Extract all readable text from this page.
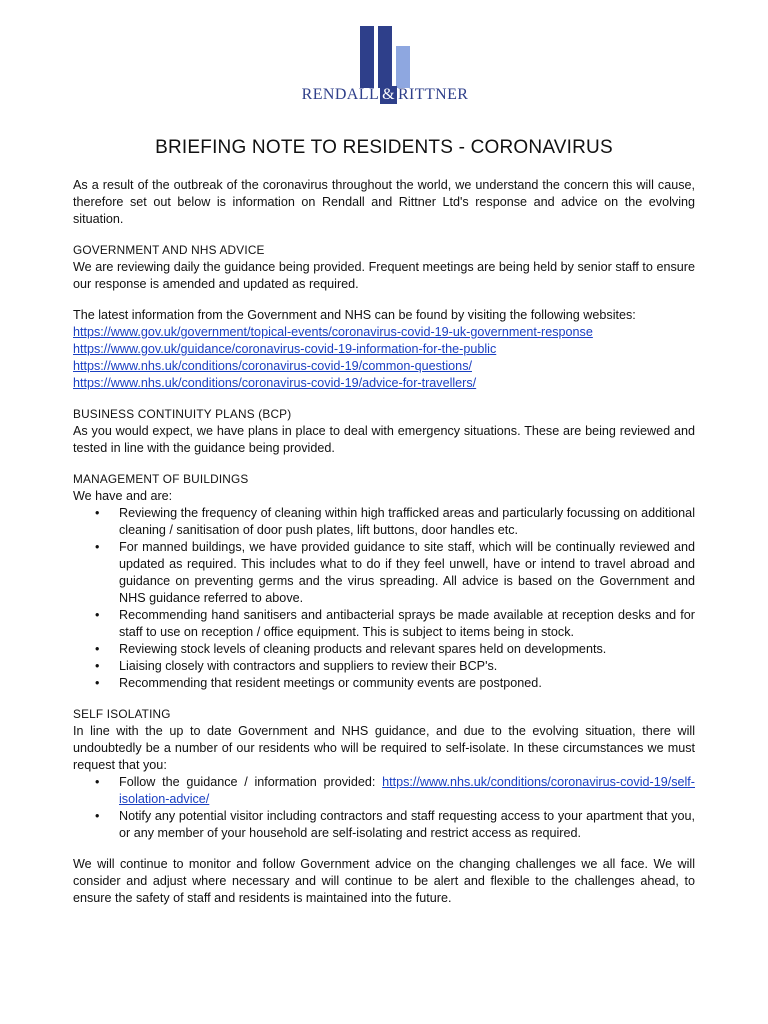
RENDALL & RITTNER
BRIEFING NOTE TO RESIDENTS - CORONAVIRUS

As a result of the outbreak of the coronavirus throughout the world, we understand the concern this will cause, therefore set out below is information on Rendall and Rittner Ltd's response and advice on the evolving situation.

GOVERNMENT AND NHS ADVICE

We are reviewing daily the guidance being provided. Frequent meetings are being held by senior staff to ensure our response is amended and updated as required.

The latest information from the Government and NHS can be found by visiting the following websites:

https://www.gov.uk/government/topical-events/coronavirus-covid-19-uk-government-response
https://www.gov.uk/guidance/coronavirus-covid-19-information-for-the-public
https://www.nhs.uk/conditions/coronavirus-covid-19/common-questions/
https://www.nhs.uk/conditions/coronavirus-covid-19/advice-for-travellers/

BUSINESS CONTINUITY PLANS (BCP)

As you would expect, we have plans in place to deal with emergency situations. These are being reviewed and tested in line with the guidance being provided.

MANAGEMENT OF BUILDINGS

We have and are:

• Reviewing the frequency of cleaning within high trafficked areas and particularly focussing on additional cleaning / sanitisation of door push plates, lift buttons, door handles etc.
• For manned buildings, we have provided guidance to site staff, which will be continually reviewed and updated as required. This includes what to do if they feel unwell, have or intend to travel abroad and guidance on preventing germs and the virus spreading. All advice is based on the Government and NHS guidance referred to above.
• Recommending hand sanitisers and antibacterial sprays be made available at reception desks and for staff to use on reception / office equipment. This is subject to items being in stock.
• Reviewing stock levels of cleaning products and relevant spares held on developments.
• Liaising closely with contractors and suppliers to review their BCP's.
• Recommending that resident meetings or community events are postponed.

SELF ISOLATING

In line with the up to date Government and NHS guidance, and due to the evolving situation, there will undoubtedly be a number of our residents who will be required to self-isolate. In these circumstances we must request that you:

• Follow the guidance / information provided: https://www.nhs.uk/conditions/coronavirus-covid-19/self-isolation-advice/
• Notify any potential visitor including contractors and staff requesting access to your apartment that you, or any member of your household are self-isolating and restrict access as required.

We will continue to monitor and follow Government advice on the changing challenges we all face. We will consider and adjust where necessary and will continue to be alert and flexible to the challenges ahead, to ensure the safety of staff and residents is maintained into the future.
